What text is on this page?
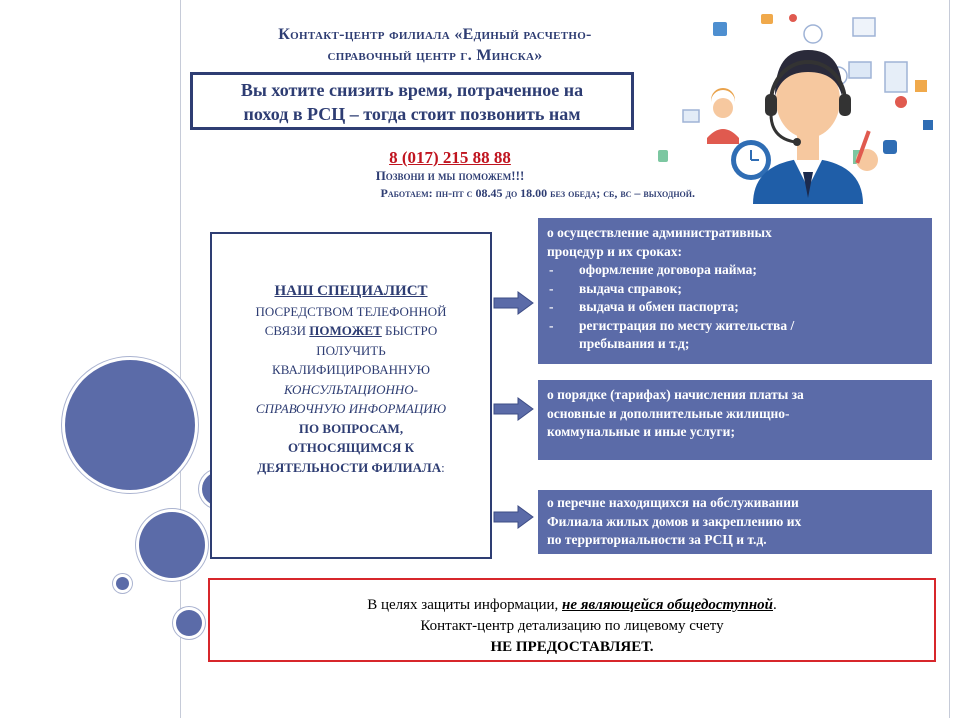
Контакт-центр филиала «Единый расчетно-
справочный центр г. Минска»
Вы хотите снизить время, потраченное на
поход в РСЦ – тогда стоит позвонить нам
8 (017) 215 88 88
Позвони и мы поможем!!!
Работаем: пн-пт с 08.45 до 18.00 без обеда; сб, вс – выходной.
НАШ СПЕЦИАЛИСТ
ПОСРЕДСТВОМ ТЕЛЕФОННОЙ
СВЯЗИ ПОМОЖЕТ БЫСТРО
ПОЛУЧИТЬ
КВАЛИФИЦИРОВАННУЮ
КОНСУЛЬТАЦИОННО-
СПРАВОЧНУЮ ИНФОРМАЦИЮ
ПО ВОПРОСАМ,
ОТНОСЯЩИМСЯ К
ДЕЯТЕЛЬНОСТИ ФИЛИАЛА:
о осуществление административных
процедур и их сроках:
- оформление договора найма;
- выдача справок;
- выдача и обмен паспорта;
- регистрация по месту жительства /
пребывания и т.д;
о порядке (тарифах) начисления платы за
основные и дополнительные жилищно-
коммунальные и иные услуги;
о перечне находящихся на обслуживании
Филиала жилых домов и закреплению их
по территориальности за РСЦ и т.д.
В целях защиты информации, не являющейся общедоступной.
Контакт-центр детализацию по лицевому счету
НЕ ПРЕДОСТАВЛЯЕТ.
